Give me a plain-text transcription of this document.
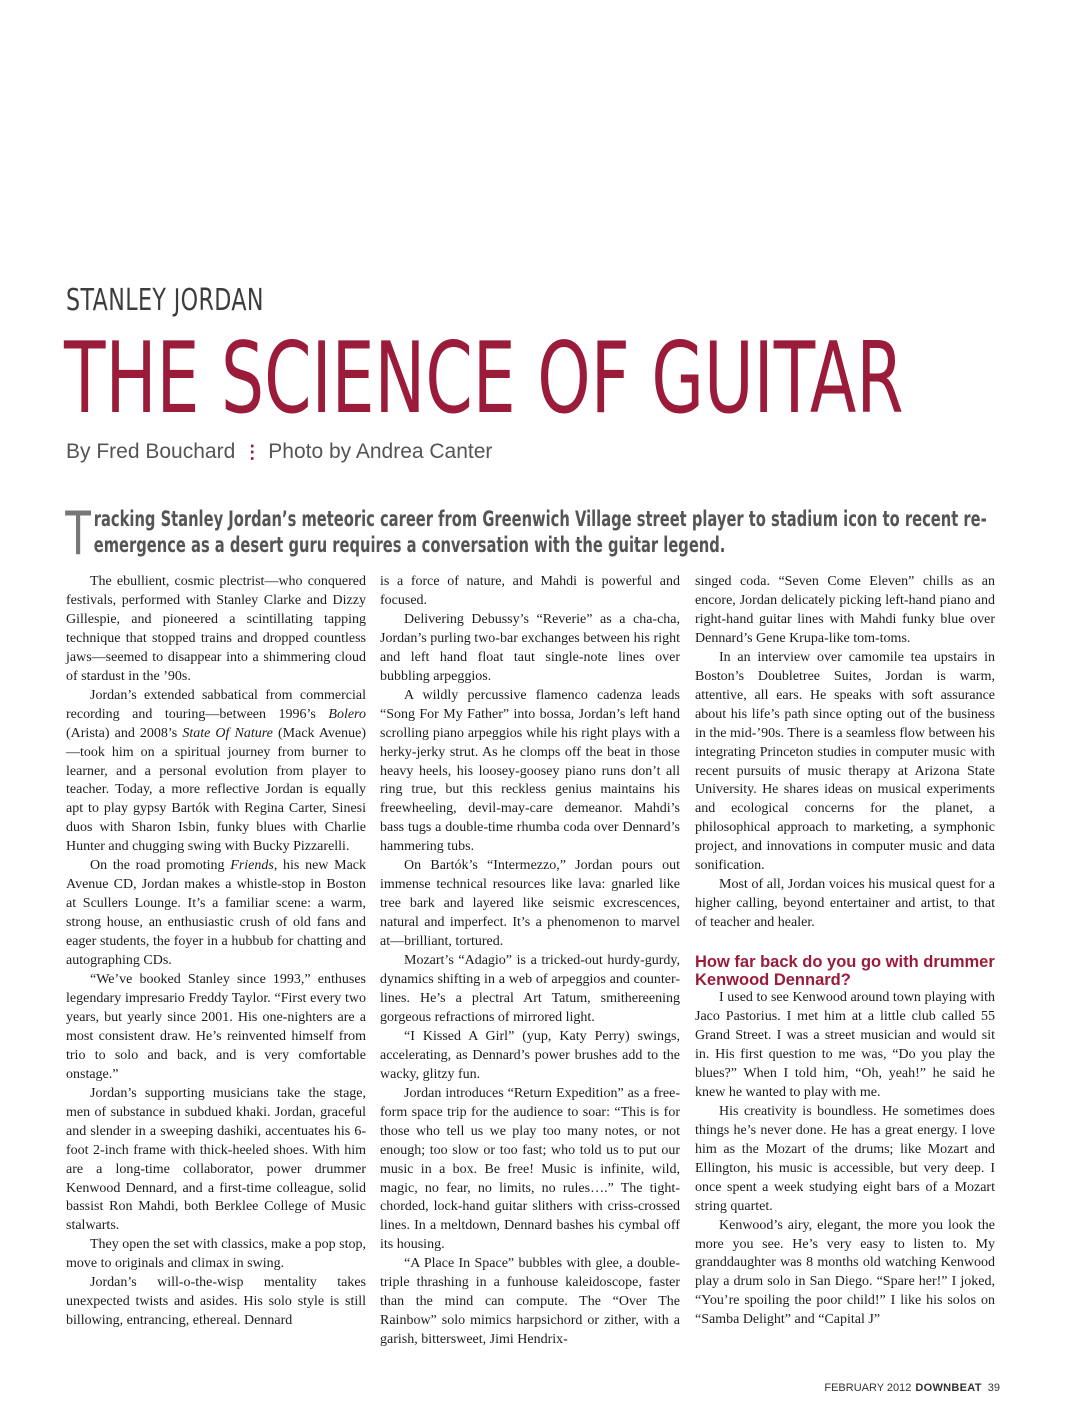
STANLEY JORDAN
THE SCIENCE OF GUITAR
By Fred Bouchard ⋮ Photo by Andrea Canter
Tracking Stanley Jordan’s meteoric career from Greenwich Village street player to stadium icon to recent re-emergence as a desert guru requires a conversation with the guitar legend.

The ebullient, cosmic plectrist—who conquered festivals, performed with Stanley Clarke and Dizzy Gillespie, and pioneered a scintillating tapping technique that stopped trains and dropped countless jaws—seemed to disappear into a shimmering cloud of stardust in the ’90s.

Jordan’s extended sabbatical from commercial recording and touring—between 1996’s Bolero (Arista) and 2008’s State Of Nature (Mack Avenue)—took him on a spiritual journey from burner to learner, and a personal evolution from player to teacher. Today, a more reflective Jordan is equally apt to play gypsy Bartók with Regina Carter, Sinesi duos with Sharon Isbin, funky blues with Charlie Hunter and chugging swing with Bucky Pizzarelli.

On the road promoting Friends, his new Mack Avenue CD, Jordan makes a whistle-stop in Boston at Scullers Lounge. It’s a familiar scene: a warm, strong house, an enthusiastic crush of old fans and eager students, the foyer in a hubbub for chatting and autographing CDs.

“We’ve booked Stanley since 1993,” enthuses legendary impresario Freddy Taylor. “First every two years, but yearly since 2001. His one-nighters are a most consistent draw. He’s reinvented himself from trio to solo and back, and is very comfortable onstage.”

Jordan’s supporting musicians take the stage, men of substance in subdued khaki. Jordan, graceful and slender in a sweeping dashiki, accentuates his 6-foot 2-inch frame with thick-heeled shoes. With him are a long-time collaborator, power drummer Kenwood Dennard, and a first-time colleague, solid bassist Ron Mahdi, both Berklee College of Music stalwarts.

They open the set with classics, make a pop stop, move to originals and climax in swing.

Jordan’s will-o-the-wisp mentality takes unexpected twists and asides. His solo style is still billowing, entrancing, ethereal. Dennard

is a force of nature, and Mahdi is powerful and focused.

Delivering Debussy’s “Reverie” as a cha-cha, Jordan’s purling two-bar exchanges between his right and left hand float taut single-note lines over bubbling arpeggios.

A wildly percussive flamenco cadenza leads “Song For My Father” into bossa, Jordan’s left hand scrolling piano arpeggios while his right plays with a herky-jerky strut. As he clomps off the beat in those heavy heels, his loosey-goosey piano runs don’t all ring true, but this reckless genius maintains his freewheeling, devil-may-care demeanor. Mahdi’s bass tugs a double-time rhumba coda over Dennard’s hammering tubs.

On Bartók’s “Intermezzo,” Jordan pours out immense technical resources like lava: gnarled like tree bark and layered like seismic excrescences, natural and imperfect. It’s a phenomenon to marvel at—brilliant, tortured.

Mozart’s “Adagio” is a tricked-out hurdy-gurdy, dynamics shifting in a web of arpeggios and counter-lines. He’s a plectral Art Tatum, smithereening gorgeous refractions of mirrored light.

“I Kissed A Girl” (yup, Katy Perry) swings, accelerating, as Dennard’s power brushes add to the wacky, glitzy fun.

Jordan introduces “Return Expedition” as a free-form space trip for the audience to soar: “This is for those who tell us we play too many notes, or not enough; too slow or too fast; who told us to put our music in a box. Be free! Music is infinite, wild, magic, no fear, no limits, no rules….” The tight-chorded, lock-hand guitar slithers with criss-crossed lines. In a meltdown, Dennard bashes his cymbal off its housing.

“A Place In Space” bubbles with glee, a double-triple thrashing in a funhouse kaleidoscope, faster than the mind can compute. The “Over The Rainbow” solo mimics harpsichord or zither, with a garish, bittersweet, Jimi Hendrix-

singed coda. “Seven Come Eleven” chills as an encore, Jordan delicately picking left-hand piano and right-hand guitar lines with Mahdi funky blue over Dennard’s Gene Krupa-like tom-toms.

In an interview over camomile tea upstairs in Boston’s Doubletree Suites, Jordan is warm, attentive, all ears. He speaks with soft assurance about his life’s path since opting out of the business in the mid-’90s. There is a seamless flow between his integrating Princeton studies in computer music with recent pursuits of music therapy at Arizona State University. He shares ideas on musical experiments and ecological concerns for the planet, a philosophical approach to marketing, a symphonic project, and innovations in computer music and data sonification.

Most of all, Jordan voices his musical quest for a higher calling, beyond entertainer and artist, to that of teacher and healer.

How far back do you go with drummer Kenwood Dennard?

I used to see Kenwood around town playing with Jaco Pastorius. I met him at a little club called 55 Grand Street. I was a street musician and would sit in. His first question to me was, “Do you play the blues?” When I told him, “Oh, yeah!” he said he knew he wanted to play with me.

His creativity is boundless. He sometimes does things he’s never done. He has a great energy. I love him as the Mozart of the drums; like Mozart and Ellington, his music is accessible, but very deep. I once spent a week studying eight bars of a Mozart string quartet.

Kenwood’s airy, elegant, the more you look the more you see. He’s very easy to listen to. My granddaughter was 8 months old watching Kenwood play a drum solo in San Diego. “Spare her!” I joked, “You’re spoiling the poor child!” I like his solos on “Samba Delight” and “Capital J”

FEBRUARY 2012 DOWNBEAT 39
